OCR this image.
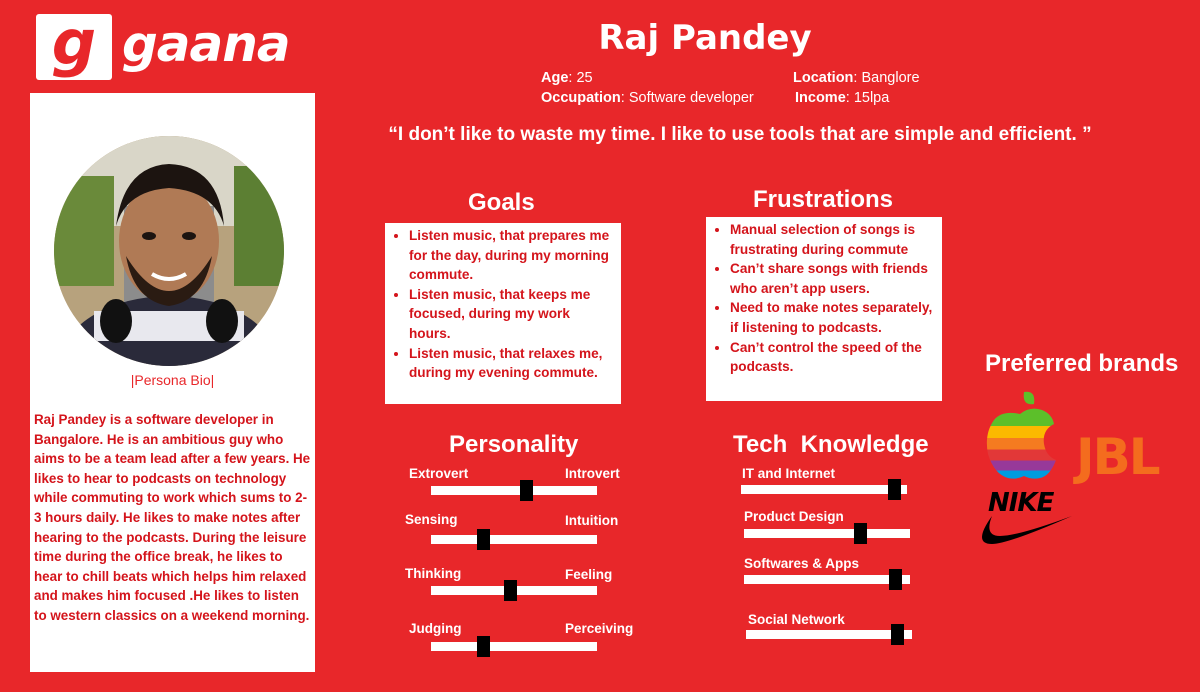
g gaana
|Persona Bio|
Raj Pandey is a software developer in Bangalore. He is an ambitious guy who aims to be a team lead after a few years. He likes to hear to podcasts on technology while commuting to work which sums to 2-3 hours daily. He likes to make notes after hearing to the podcasts. During the leisure time during the office break, he likes to hear to chill beats which helps him relaxed and makes him focused .He likes to listen to western classics on a weekend morning.
Raj Pandey
Age: 25
Occupation: Software developer
Location: Banglore
Income: 15lpa
“I don’t like to waste my time. I like to use tools that are simple and efficient. ”
Goals
• Listen music, that prepares me for the day, during my morning commute.
• Listen music, that keeps me focused, during my work hours.
• Listen music, that relaxes me, during my evening commute.
Frustrations
• Manual selection of songs is frustrating during commute
• Can’t share songs with friends who aren’t app users.
• Need to make notes separately, if listening to podcasts.
• Can’t control the speed of the podcasts.
Personality
Extrovert	Introvert
Sensing	Intuition
Thinking	Feeling
Judging	Perceiving
Tech  Knowledge
IT and Internet
Product Design
Softwares & Apps
Social Network
Preferred brands
JBL
NIKE
